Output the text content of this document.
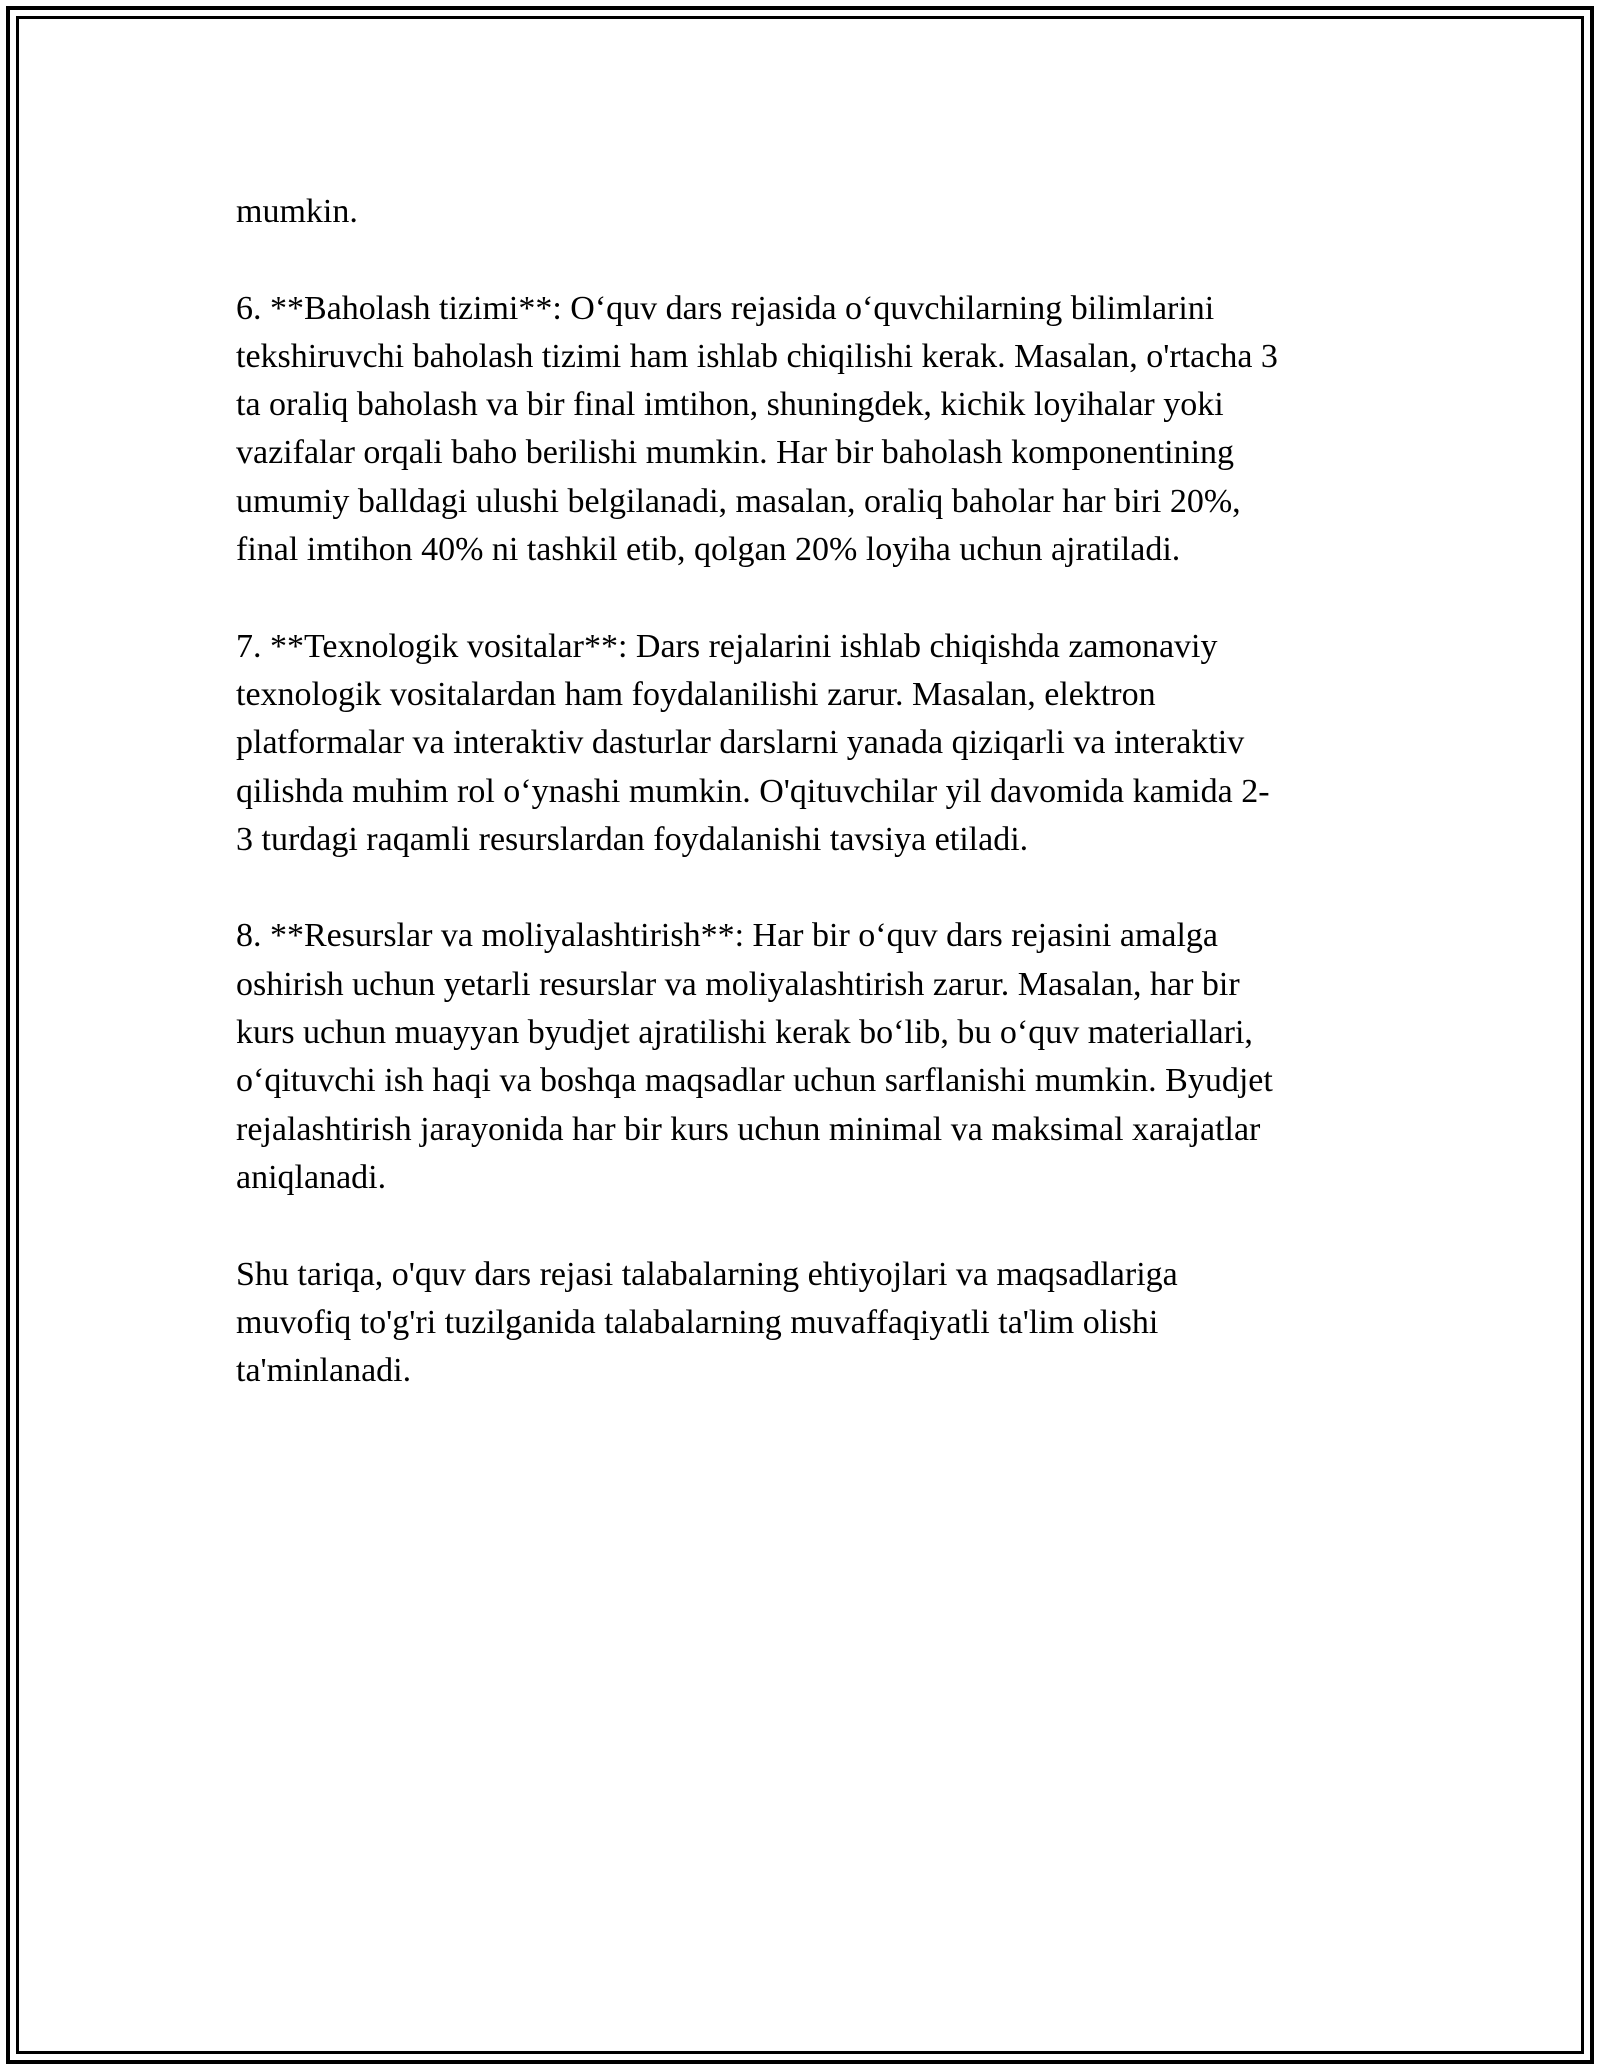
mumkin.
6. **Baholash tizimi**: O‘quv dars rejasida o‘quvchilarning bilimlarini
tekshiruvchi baholash tizimi ham ishlab chiqilishi kerak. Masalan, o'rtacha 3
ta oraliq baholash va bir final imtihon, shuningdek, kichik loyihalar yoki
vazifalar orqali baho berilishi mumkin. Har bir baholash komponentining
umumiy balldagi ulushi belgilanadi, masalan, oraliq baholar har biri 20%,
final imtihon 40% ni tashkil etib, qolgan 20% loyiha uchun ajratiladi.
7. **Texnologik vositalar**: Dars rejalarini ishlab chiqishda zamonaviy
texnologik vositalardan ham foydalanilishi zarur. Masalan, elektron
platformalar va interaktiv dasturlar darslarni yanada qiziqarli va interaktiv
qilishda muhim rol o‘ynashi mumkin. O'qituvchilar yil davomida kamida 2-
3 turdagi raqamli resurslardan foydalanishi tavsiya etiladi.
8. **Resurslar va moliyalashtirish**: Har bir o‘quv dars rejasini amalga
oshirish uchun yetarli resurslar va moliyalashtirish zarur. Masalan, har bir
kurs uchun muayyan byudjet ajratilishi kerak bo‘lib, bu o‘quv materiallari,
o‘qituvchi ish haqi va boshqa maqsadlar uchun sarflanishi mumkin. Byudjet
rejalashtirish jarayonida har bir kurs uchun minimal va maksimal xarajatlar
aniqlanadi.
Shu tariqa, o'quv dars rejasi talabalarning ehtiyojlari va maqsadlariga
muvofiq to'g'ri tuzilganida talabalarning muvaffaqiyatli ta'lim olishi
ta'minlanadi.
